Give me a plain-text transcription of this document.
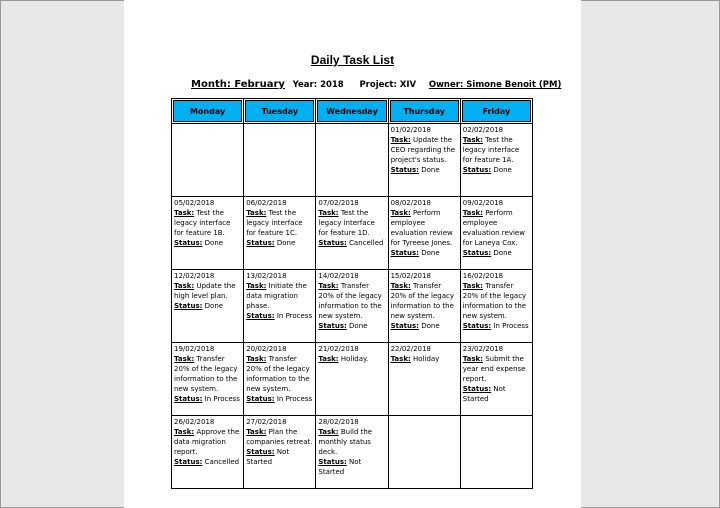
Daily Task List
Month: February Year: 2018 Project: XIV Owner: Simone Benoit (PM)
Monday	Tuesday	Wednesday	Thursday	Friday

			01/02/2018
Task: Update the CEO regarding the project's status.
Status: Done	02/02/2018
Task: Test the legacy interface for feature 1A.
Status: Done

05/02/2018
Task: Test the legacy interface for feature 1B.
Status: Done	06/02/2018
Task: Test the legacy interface for feature 1C.
Status: Done	07/02/2018
Task: Test the legacy interface for feature 1D.
Status: Cancelled	08/02/2018
Task: Perform employee evaluation review for Tyreese Jones.
Status: Done	09/02/2018
Task: Perform employee evaluation review for Laneya Cox.
Status: Done

12/02/2018
Task: Update the high level plan.
Status: Done	13/02/2018
Task: Initiate the data migration phase.
Status: In Process	14/02/2018
Task: Transfer 20% of the legacy information to the new system.
Status: Done	15/02/2018
Task: Transfer 20% of the legacy information to the new system.
Status: Done	16/02/2018
Task: Transfer 20% of the legacy information to the new system.
Status: In Process

19/02/2018
Task: Transfer 20% of the legacy information to the new system.
Status: In Process	20/02/2018
Task: Transfer 20% of the legacy information to the new system.
Status: In Process	21/02/2018
Task: Holiday.	22/02/2018
Task: Holiday	23/02/2018
Task: Submit the year end expense report.
Status: Not Started

26/02/2018
Task: Approve the data migration report.
Status: Cancelled	27/02/2018
Task: Plan the companies retreat.
Status: Not Started	28/02/2018
Task: Build the monthly status deck.
Status: Not Started		
